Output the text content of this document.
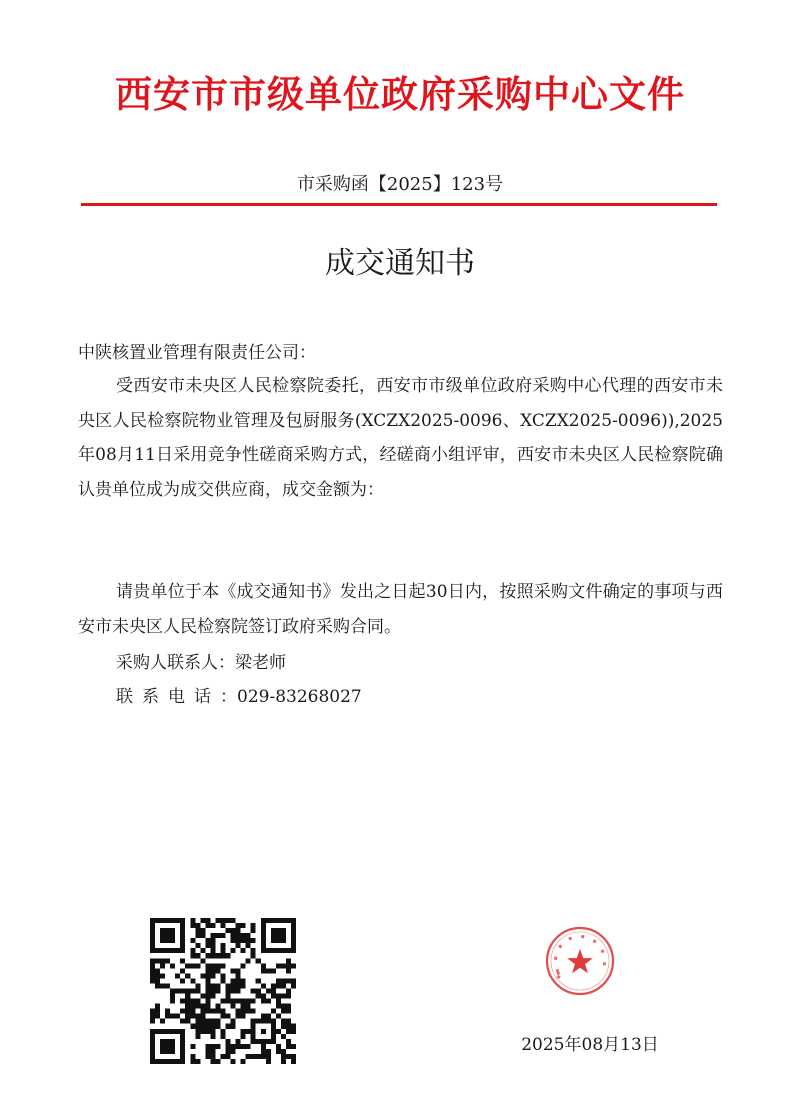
西安市市级单位政府采购中心文件
市采购函【2025】123号
成交通知书
中陕核置业管理有限责任公司：
受西安市未央区人民检察院委托，西安市市级单位政府采购中心代理的西安市未央区人民检察院物业管理及包厨服务(XCZX2025-0096、XCZX2025-0096)),2025年08月11日采用竞争性磋商采购方式，经磋商小组评审，西安市未央区人民检察院确认贵单位成为成交供应商，成交金额为：
请贵单位于本《成交通知书》发出之日起30日内，按照采购文件确定的事项与西安市未央区人民检察院签订政府采购合同。
采购人联系人：梁老师
联系电话：029-83268027
2025年08月13日
